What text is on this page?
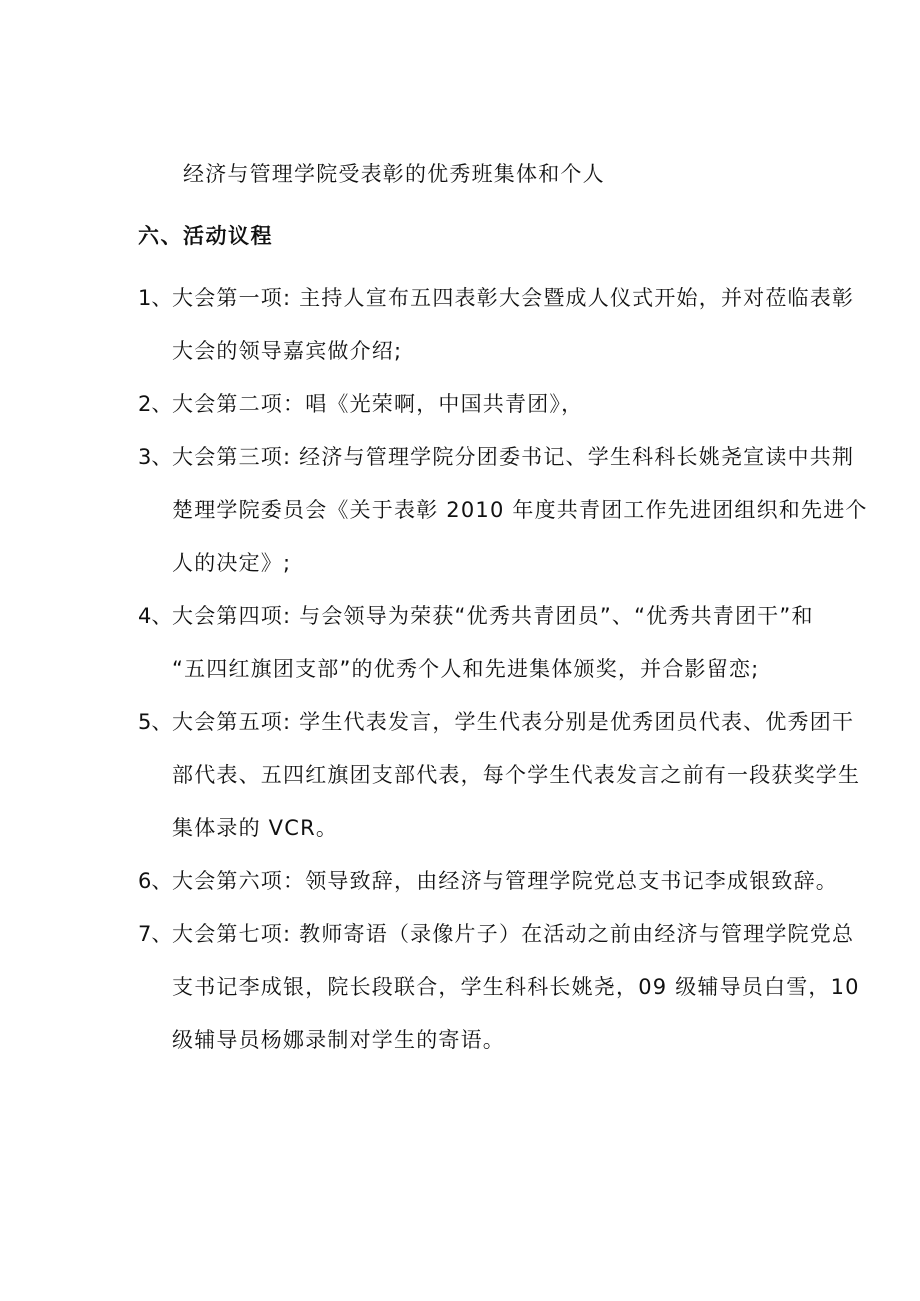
经济与管理学院受表彰的优秀班集体和个人
六、活动议程
1、 大会第一项: 主持人宣布五四表彰大会暨成人仪式开始，并对莅临表彰
大会的领导嘉宾做介绍;
2、 大会第二项：唱《光荣啊，中国共青团》，
3、 大会第三项: 经济与管理学院分团委书记、学生科科长姚尧宣读中共荆
楚理学院委员会《关于表彰 2010 年度共青团工作先进团组织和先进个
人的决定》;
4、 大会第四项: 与会领导为荣获“优秀共青团员”、“优秀共青团干”和
“五四红旗团支部”的优秀个人和先进集体颁奖，并合影留恋;
5、 大会第五项: 学生代表发言，学生代表分别是优秀团员代表、优秀团干
部代表、五四红旗团支部代表，每个学生代表发言之前有一段获奖学生
集体录的 VCR。
6、 大会第六项：领导致辞，由经济与管理学院党总支书记李成银致辞。
7、 大会第七项: 教师寄语（录像片子）在活动之前由经济与管理学院党总
支书记李成银，院长段联合，学生科科长姚尧，09 级辅导员白雪，10
级辅导员杨娜录制对学生的寄语。
